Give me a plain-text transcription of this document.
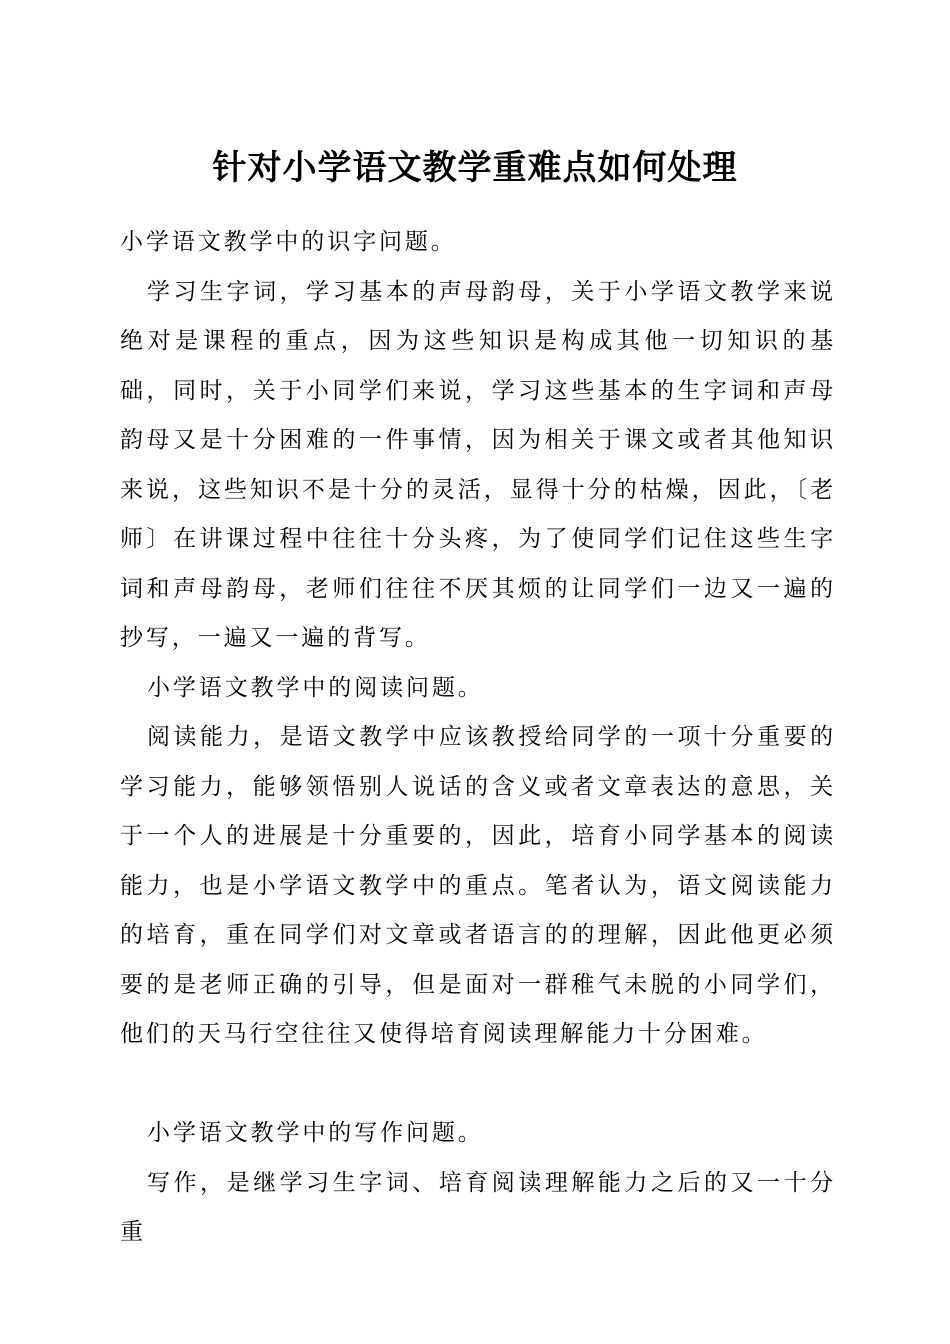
针对小学语文教学重难点如何处理

小学语文教学中的识字问题。

学习生字词，学习基本的声母韵母，关于小学语文教学来说绝对是课程的重点，因为这些知识是构成其他一切知识的基础，同时，关于小同学们来说，学习这些基本的生字词和声母韵母又是十分困难的一件事情，因为相关于课文或者其他知识来说，这些知识不是十分的灵活，显得十分的枯燥，因此，〔老师〕在讲课过程中往往十分头疼，为了使同学们记住这些生字词和声母韵母，老师们往往不厌其烦的让同学们一边又一遍的抄写，一遍又一遍的背写。

小学语文教学中的阅读问题。

阅读能力，是语文教学中应该教授给同学的一项十分重要的学习能力，能够领悟别人说话的含义或者文章表达的意思，关于一个人的进展是十分重要的，因此，培育小同学基本的阅读能力，也是小学语文教学中的重点。笔者认为，语文阅读能力的培育，重在同学们对文章或者语言的的理解，因此他更必须要的是老师正确的引导，但是面对一群稚气未脱的小同学们，他们的天马行空往往又使得培育阅读理解能力十分困难。

小学语文教学中的写作问题。

写作，是继学习生字词、培育阅读理解能力之后的又一十分重
